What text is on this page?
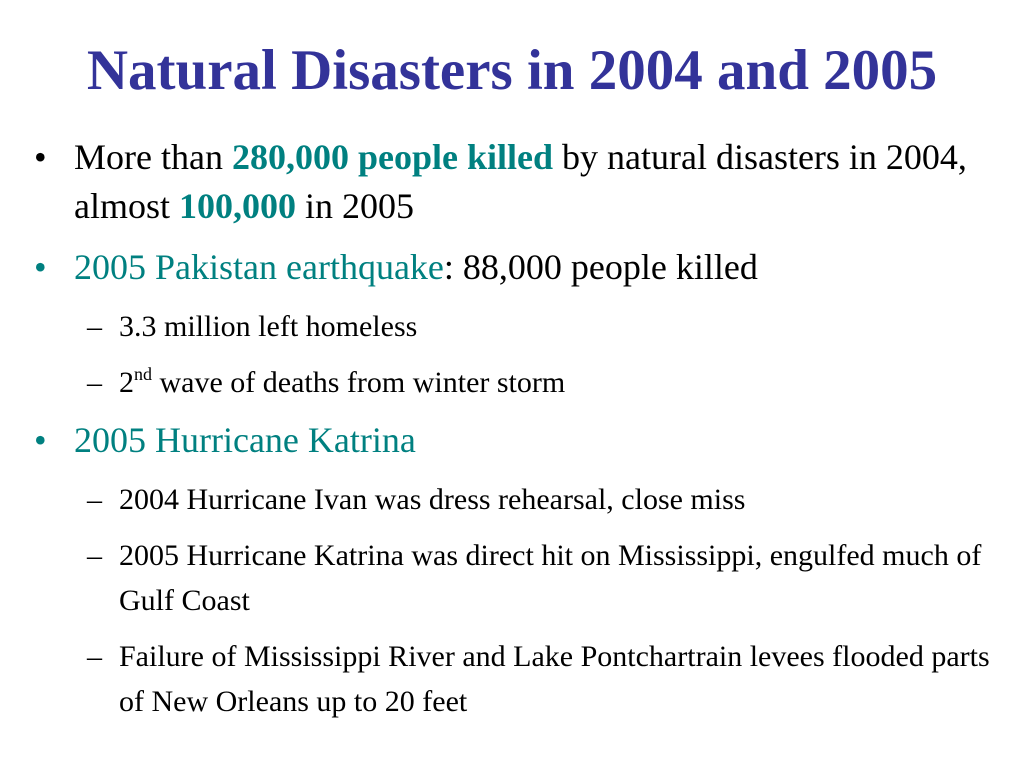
Natural Disasters in 2004 and 2005
• More than 280,000 people killed by natural disasters in 2004, almost 100,000 in 2005
• 2005 Pakistan earthquake: 88,000 people killed
– 3.3 million left homeless
– 2nd wave of deaths from winter storm
• 2005 Hurricane Katrina
– 2004 Hurricane Ivan was dress rehearsal, close miss
– 2005 Hurricane Katrina was direct hit on Mississippi, engulfed much of Gulf Coast
– Failure of Mississippi River and Lake Pontchartrain levees flooded parts of New Orleans up to 20 feet
